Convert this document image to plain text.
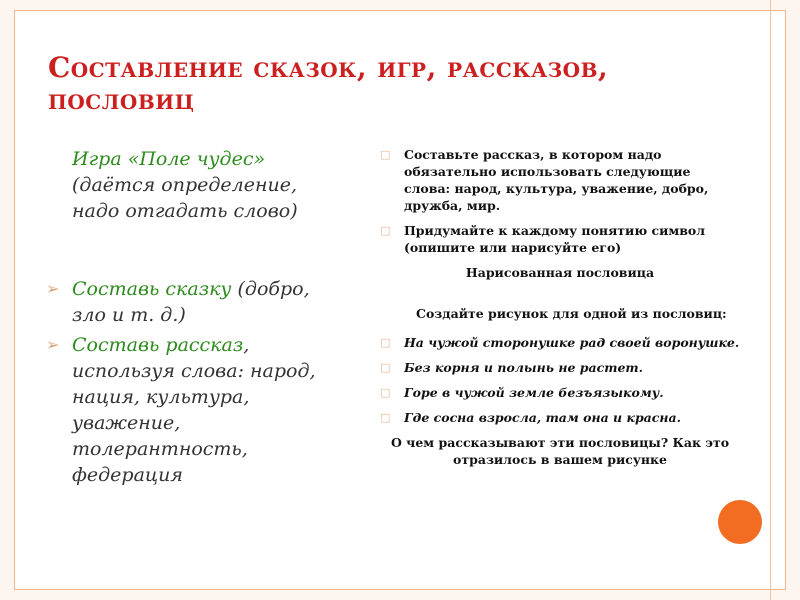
Составление сказок, игр, рассказов, пословиц
Игра «Поле чудес»
(даётся определение, надо отгадать слово)
➢ Составь сказку (добро, зло и т. д.)
➢ Составь рассказ, используя слова: народ, нация, культура, уважение, толерантность, федерация
□ Составьте рассказ, в котором надо обязательно использовать следующие слова: народ, культура, уважение, добро, дружба, мир.
□ Придумайте к каждому понятию символ (опишите или нарисуйте его)
Нарисованная пословица
Создайте рисунок для одной из пословиц:
□ На чужой сторонушке рад своей воронушке.
□ Без корня и полынь не растет.
□ Горе в чужой земле безъязыкому.
□ Где сосна взросла, там она и красна.
О чем рассказывают эти пословицы? Как это отразилось в вашем рисунке
